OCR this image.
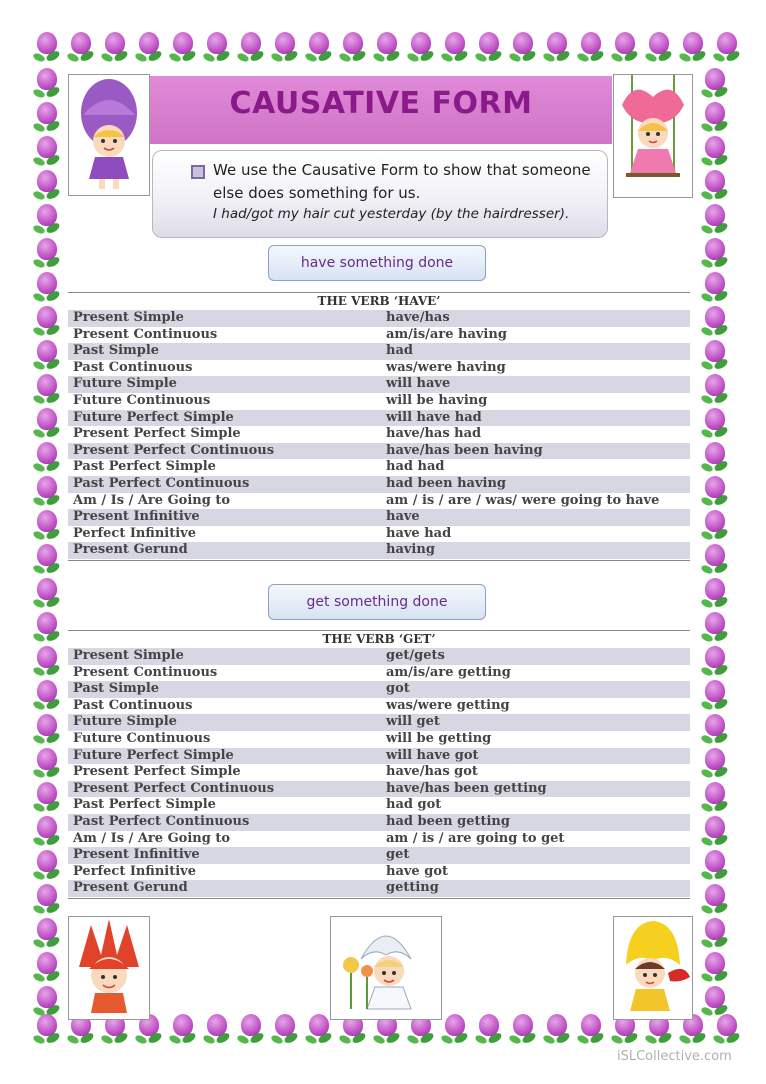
CAUSATIVE FORM
We use the Causative Form to show that someone
else does something for us.
I had/got my hair cut yesterday (by the hairdresser).
have something done
THE VERB ‘HAVE’
Present Simple	have/has
Present Continuous	am/is/are having
Past Simple	had
Past Continuous	was/were having
Future Simple	will have
Future Continuous	will be having
Future Perfect Simple	will have had
Present Perfect Simple	have/has had
Present Perfect Continuous	have/has been having
Past Perfect Simple	had had
Past Perfect Continuous	had been having
Am / Is / Are Going to	am / is / are / was/ were going to have
Present Infinitive	have
Perfect Infinitive	have had
Present Gerund	having
get something done
THE VERB ‘GET’
Present Simple	get/gets
Present Continuous	am/is/are getting
Past Simple	got
Past Continuous	was/were getting
Future Simple	will get
Future Continuous	will be getting
Future Perfect Simple	will have got
Present Perfect Simple	have/has got
Present Perfect Continuous	have/has been getting
Past Perfect Simple	had got
Past Perfect Continuous	had been getting
Am / Is / Are Going to	am / is / are going to get
Present Infinitive	get
Perfect Infinitive	have got
Present Gerund	getting
iSLCollective.com
